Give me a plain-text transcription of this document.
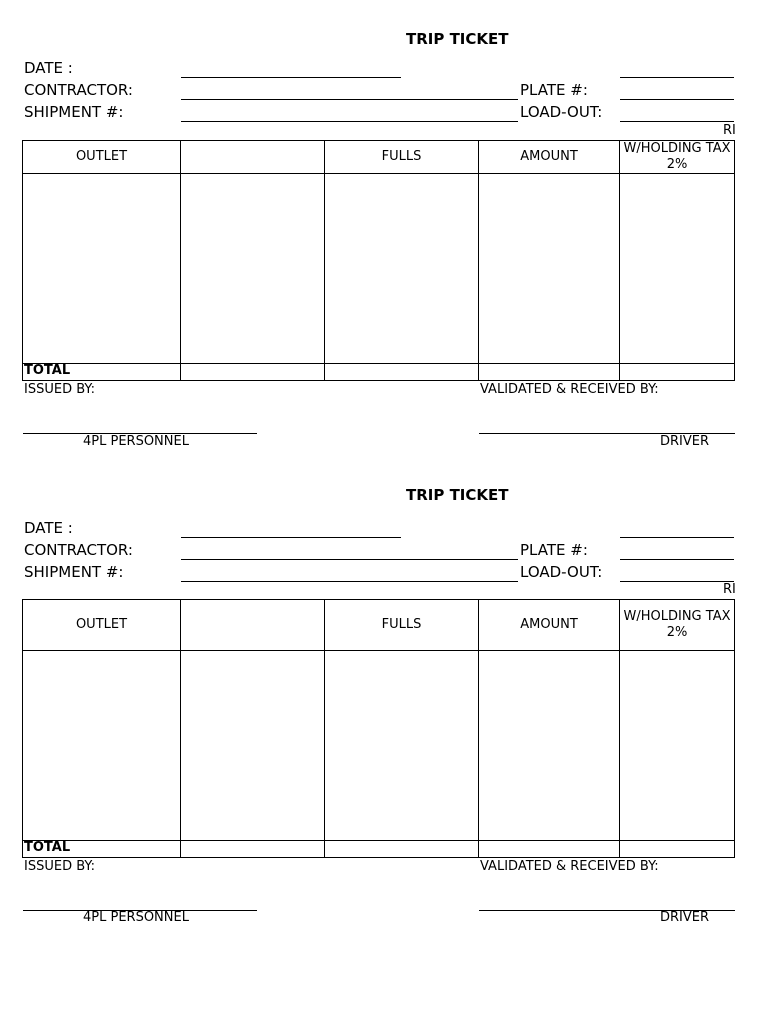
TRIP TICKET
DATE :
CONTRACTOR:	PLATE #:
SHIPMENT #:	LOAD-OUT:
RI
OUTLET		FULLS	AMOUNT	W/HOLDING TAX 2%

TOTAL				
ISSUED BY:	VALIDATED & RECEIVED BY:
4PL PERSONNEL	DRIVER
TRIP TICKET
DATE :
CONTRACTOR:	PLATE #:
SHIPMENT #:	LOAD-OUT:
RI
OUTLET		FULLS	AMOUNT	W/HOLDING TAX 2%

TOTAL				
ISSUED BY:	VALIDATED & RECEIVED BY:
4PL PERSONNEL	DRIVER
